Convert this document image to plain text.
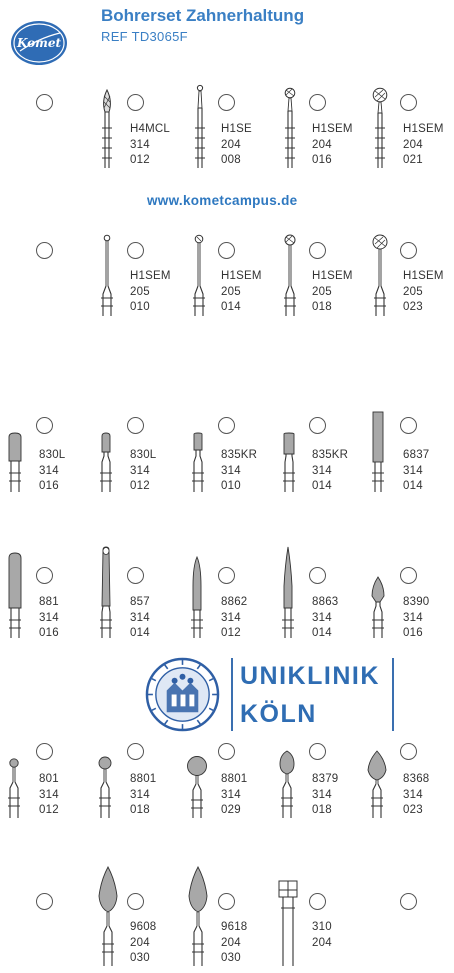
Komet
Bohrerset Zahnerhaltung
REF TD3065F
www.kometcampus.de
H4MCL
314
012
H1SE
204
008
H1SEM
204
016
H1SEM
204
021
H1SEM
205
010
H1SEM
205
014
H1SEM
205
018
H1SEM
205
023
830L
314
016
830L
314
012
835KR
314
010
835KR
314
014
6837
314
014
881
314
016
857
314
014
8862
314
012
8863
314
014
8390
314
016
UNIKLINIK
KÖLN
801
314
012
8801
314
018
8801
314
029
8379
314
018
8368
314
023
9608
204
030
9618
204
030
310
204
